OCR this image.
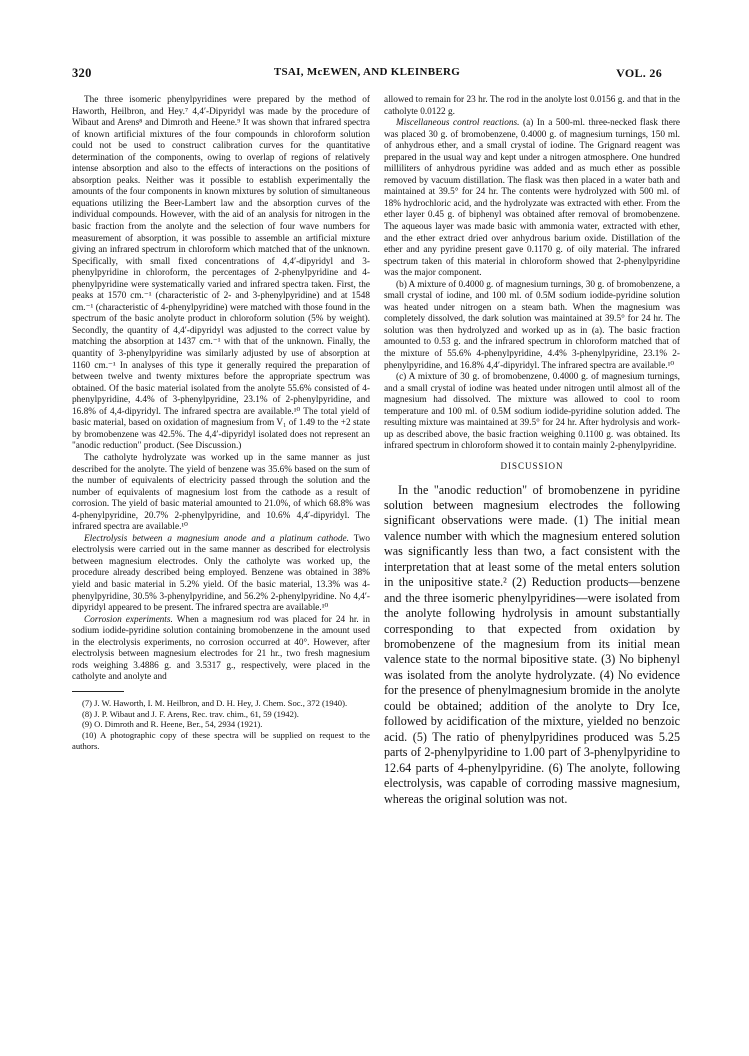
320	TSAI, McEWEN, AND KLEINBERG	VOL. 26

The three isomeric phenylpyridines were prepared by the method of Haworth, Heilbron, and Hey.⁷ 4,4′-Dipyridyl was made by the procedure of Wibaut and Arens⁸ and Dimroth and Heene.⁹ It was shown that infrared spectra of known artificial mixtures of the four compounds in chloroform solution could not be used to construct calibration curves for the quantitative determination of the components, owing to overlap of regions of relatively intense absorption and also to the effects of interactions on the positions of absorption peaks. Neither was it possible to establish experimentally the amounts of the four components in known mixtures by solution of simultaneous equations utilizing the Beer-Lambert law and the absorption curves of the individual compounds. However, with the aid of an analysis for nitrogen in the basic fraction from the anolyte and the selection of four wave numbers for measurement of absorption, it was possible to assemble an artificial mixture giving an infrared spectrum in chloroform which matched that of the unknown. Specifically, with small fixed concentrations of 4,4′-dipyridyl and 3-phenylpyridine in chloroform, the percentages of 2-phenylpyridine and 4-phenylpyridine were systematically varied and infrared spectra taken. First, the peaks at 1570 cm.⁻¹ (characteristic of 2- and 3-phenylpyridine) and at 1548 cm.⁻¹ (characteristic of 4-phenylpyridine) were matched with those found in the spectrum of the basic anolyte product in chloroform solution (5% by weight). Secondly, the quantity of 4,4′-dipyridyl was adjusted to the correct value by matching the absorption at 1437 cm.⁻¹ with that of the unknown. Finally, the quantity of 3-phenylpyridine was similarly adjusted by use of absorption at 1160 cm.⁻¹ In analyses of this type it generally required the preparation of between twelve and twenty mixtures before the appropriate spectrum was obtained. Of the basic material isolated from the anolyte 55.6% consisted of 4-phenylpyridine, 4.4% of 3-phenylpyridine, 23.1% of 2-phenylpyridine, and 16.8% of 4,4-dipyridyl. The infrared spectra are available.¹⁰ The total yield of basic material, based on oxidation of magnesium from V₁ of 1.49 to the +2 state by bromobenzene was 42.5%. The 4,4′-dipyridyl isolated does not represent an "anodic reduction" product. (See Discussion.)

The catholyte hydrolyzate was worked up in the same manner as just described for the anolyte. The yield of benzene was 35.6% based on the sum of the number of equivalents of electricity passed through the solution and the number of equivalents of magnesium lost from the cathode as a result of corrosion. The yield of basic material amounted to 21.0%, of which 68.8% was 4-phenylpyridine, 20.7% 2-phenylpyridine, and 10.6% 4,4′-dipyridyl. The infrared spectra are available.¹⁰

Electrolysis between a magnesium anode and a platinum cathode. Two electrolysis were carried out in the same manner as described for electrolysis between magnesium electrodes. Only the catholyte was worked up, the procedure already described being employed. Benzene was obtained in 38% yield and basic material in 5.2% yield. Of the basic material, 13.3% was 4-phenylpyridine, 30.5% 3-phenylpyridine, and 56.2% 2-phenylpyridine. No 4,4′-dipyridyl appeared to be present. The infrared spectra are available.¹⁰

Corrosion experiments. When a magnesium rod was placed for 24 hr. in sodium iodide-pyridine solution containing bromobenzene in the amount used in the electrolysis experiments, no corrosion occurred at 40°. However, after electrolysis between magnesium electrodes for 21 hr., two fresh magnesium rods weighing 3.4886 g. and 3.5317 g., respectively, were placed in the catholyte and anolyte and

(7) J. W. Haworth, I. M. Heilbron, and D. H. Hey, J. Chem. Soc., 372 (1940).

(8) J. P. Wibaut and J. F. Arens, Rec. trav. chim., 61, 59 (1942).

(9) O. Dimroth and R. Heene, Ber., 54, 2934 (1921).

(10) A photographic copy of these spectra will be supplied on request to the authors.

allowed to remain for 23 hr. The rod in the anolyte lost 0.0156 g. and that in the catholyte 0.0122 g.

Miscellaneous control reactions. (a) In a 500-ml. three-necked flask there was placed 30 g. of bromobenzene, 0.4000 g. of magnesium turnings, 150 ml. of anhydrous ether, and a small crystal of iodine. The Grignard reagent was prepared in the usual way and kept under a nitrogen atmosphere. One hundred milliliters of anhydrous pyridine was added and as much ether as possible removed by vacuum distillation. The flask was then placed in a water bath and maintained at 39.5° for 24 hr. The contents were hydrolyzed with 500 ml. of 18% hydrochloric acid, and the hydrolyzate was extracted with ether. From the ether layer 0.45 g. of biphenyl was obtained after removal of bromobenzene. The aqueous layer was made basic with ammonia water, extracted with ether, and the ether extract dried over anhydrous barium oxide. Distillation of the ether and any pyridine present gave 0.1170 g. of oily material. The infrared spectrum taken of this material in chloroform showed that 2-phenylpyridine was the major component.

(b) A mixture of 0.4000 g. of magnesium turnings, 30 g. of bromobenzene, a small crystal of iodine, and 100 ml. of 0.5M sodium iodide-pyridine solution was heated under nitrogen on a steam bath. When the magnesium was completely dissolved, the dark solution was maintained at 39.5° for 24 hr. The solution was then hydrolyzed and worked up as in (a). The basic fraction amounted to 0.53 g. and the infrared spectrum in chloroform matched that of the mixture of 55.6% 4-phenylpyridine, 4.4% 3-phenylpyridine, 23.1% 2-phenylpyridine, and 16.8% 4,4′-dipyridyl. The infrared spectra are available.¹⁰

(c) A mixture of 30 g. of bromobenzene, 0.4000 g. of magnesium turnings, and a small crystal of iodine was heated under nitrogen until almost all of the magnesium had dissolved. The mixture was allowed to cool to room temperature and 100 ml. of 0.5M sodium iodide-pyridine solution added. The resulting mixture was maintained at 39.5° for 24 hr. After hydrolysis and work-up as described above, the basic fraction weighing 0.1100 g. was obtained. Its infrared spectrum in chloroform showed it to contain mainly 2-phenylpyridine.

DISCUSSION

In the "anodic reduction" of bromobenzene in pyridine solution between magnesium electrodes the following significant observations were made. (1) The initial mean valence number with which the magnesium entered solution was significantly less than two, a fact consistent with the interpretation that at least some of the metal enters solution in the unipositive state.² (2) Reduction products—benzene and the three isomeric phenylpyridines—were isolated from the anolyte following hydrolysis in amount substantially corresponding to that expected from oxidation by bromobenzene of the magnesium from its initial mean valence state to the normal bipositive state. (3) No biphenyl was isolated from the anolyte hydrolyzate. (4) No evidence for the presence of phenylmagnesium bromide in the anolyte could be obtained; addition of the anolyte to Dry Ice, followed by acidification of the mixture, yielded no benzoic acid. (5) The ratio of phenylpyridines produced was 5.25 parts of 2-phenylpyridine to 1.00 part of 3-phenylpyridine to 12.64 parts of 4-phenylpyridine. (6) The anolyte, following electrolysis, was capable of corroding massive magnesium, whereas the original solution was not.
